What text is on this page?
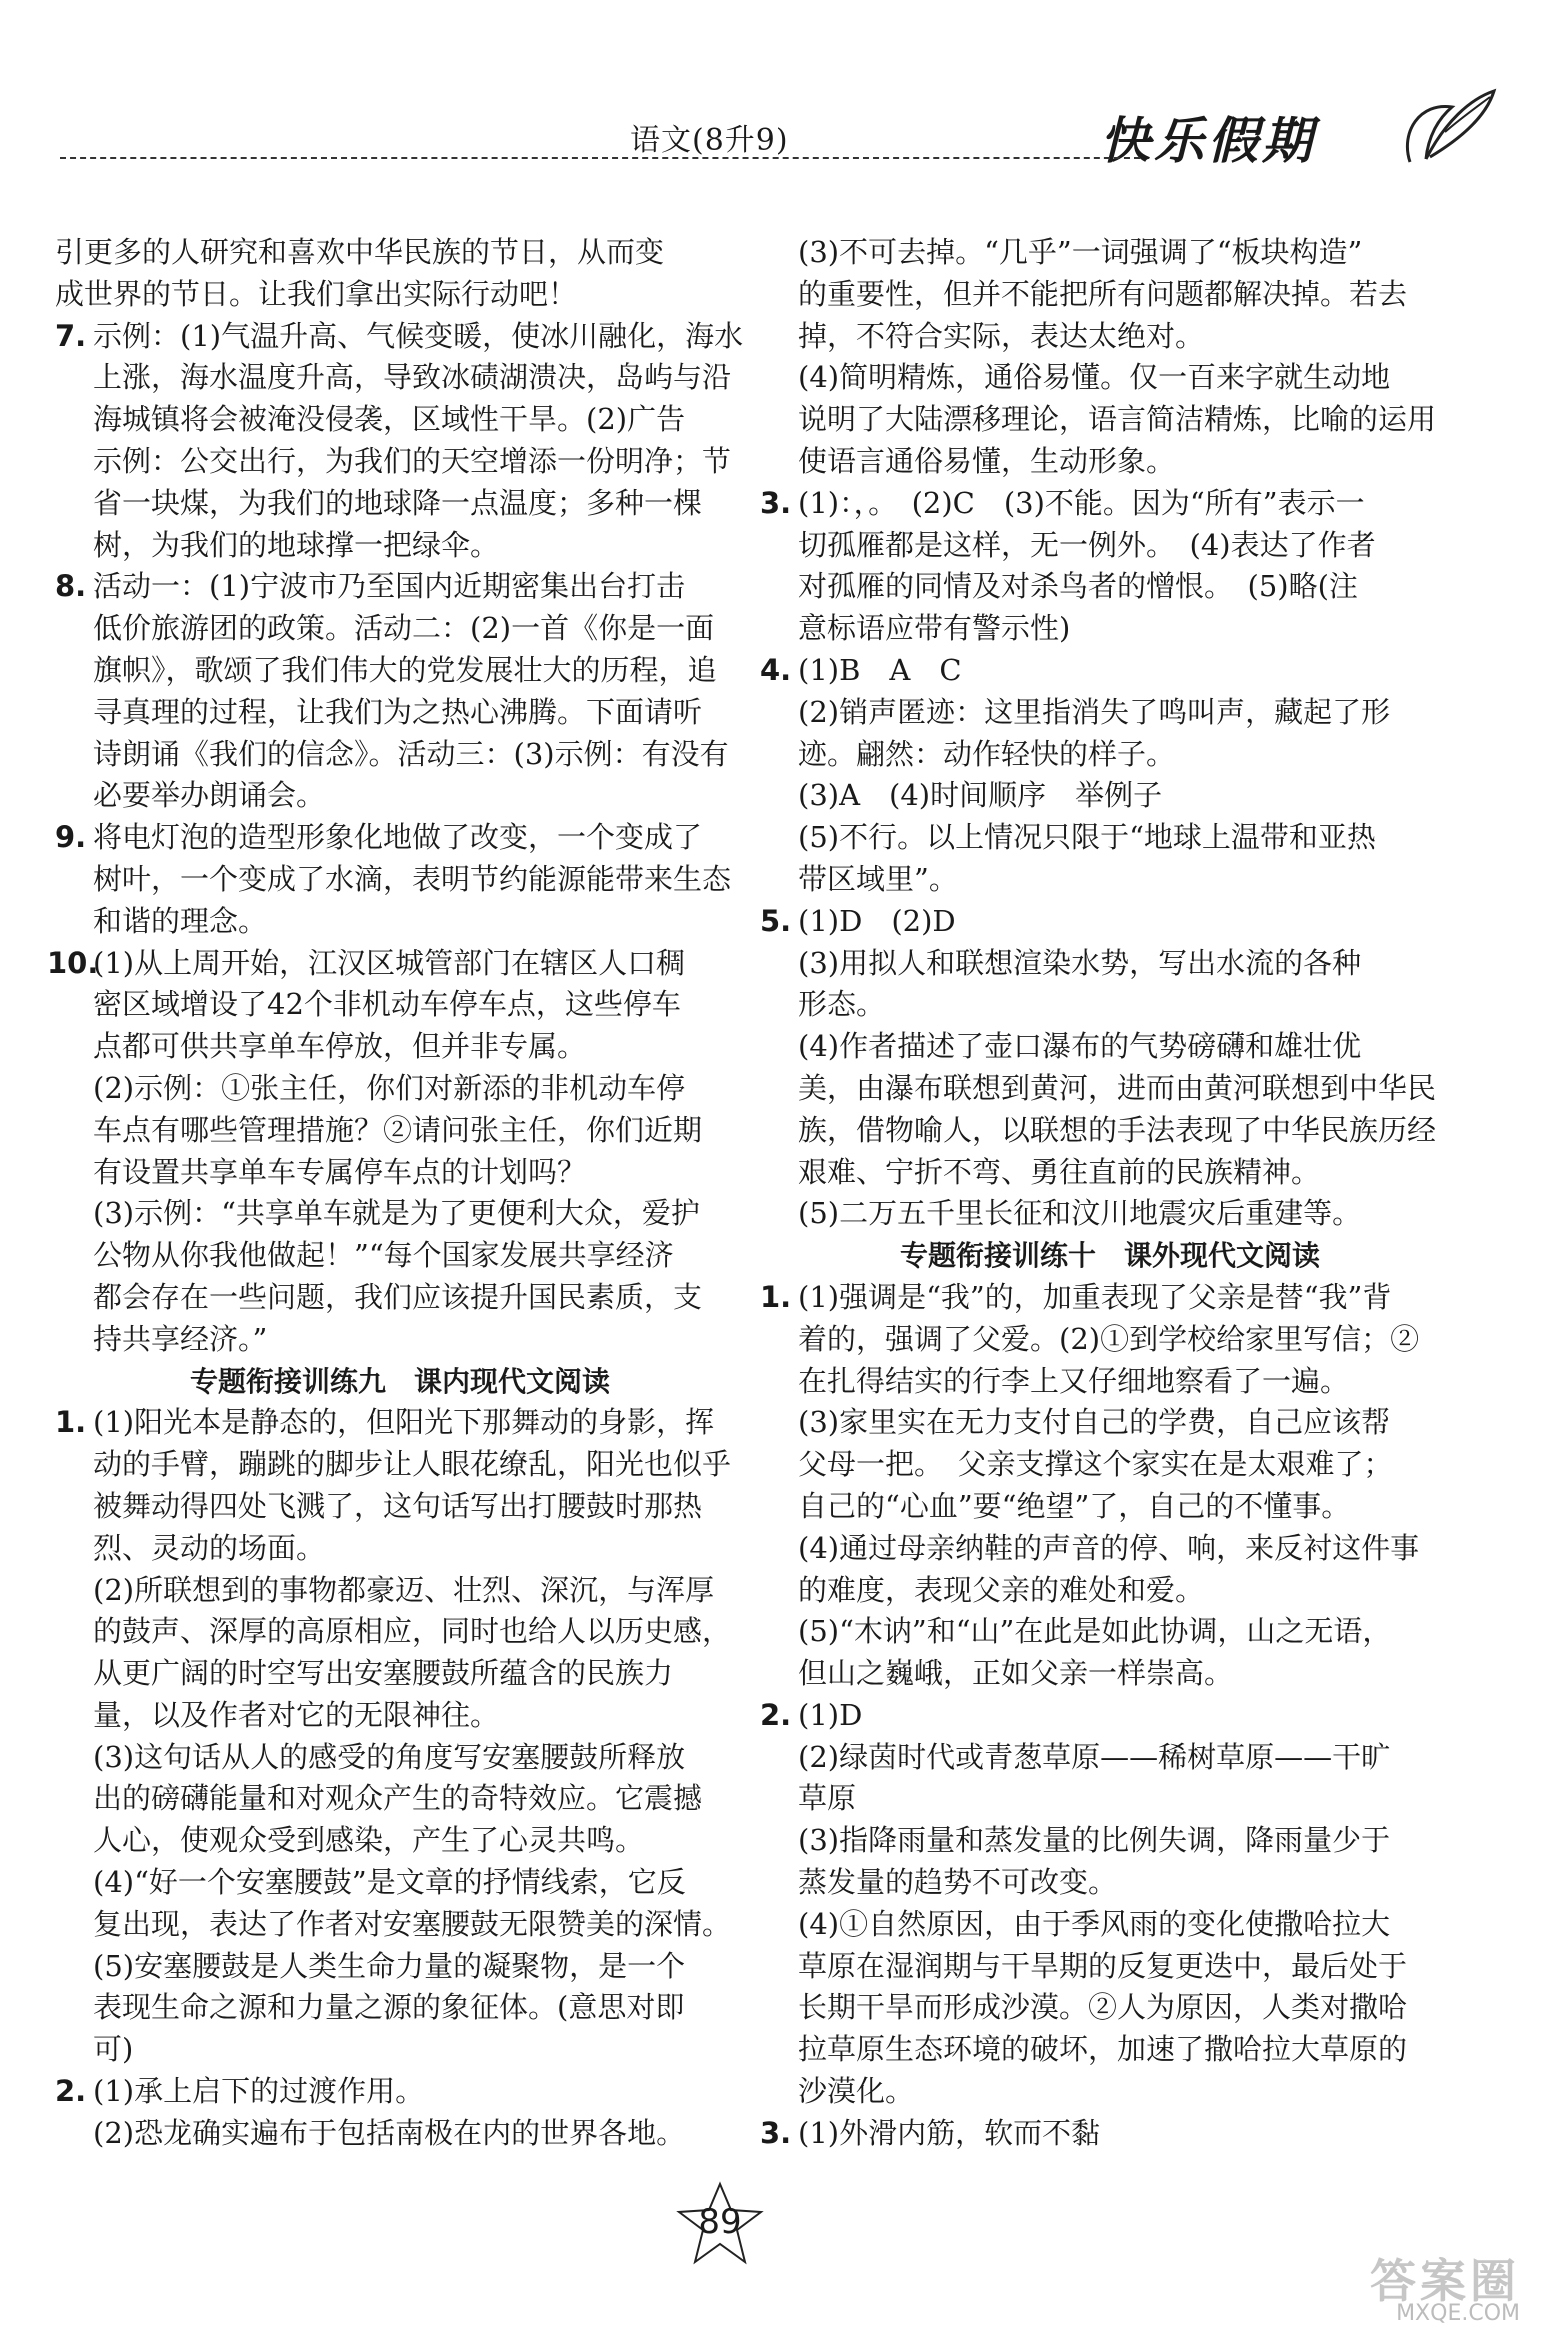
语文(8升9)	快乐假期
引更多的人研究和喜欢中华民族的节日，从而变
成世界的节日。让我们拿出实际行动吧！
7. 示例：(1)气温升高、气候变暖，使冰川融化，海水
上涨，海水温度升高，导致冰碛湖溃决，岛屿与沿
海城镇将会被淹没侵袭，区域性干旱。(2)广告
示例：公交出行，为我们的天空增添一份明净；节
省一块煤，为我们的地球降一点温度；多种一棵
树，为我们的地球撑一把绿伞。
8. 活动一：(1)宁波市乃至国内近期密集出台打击
低价旅游团的政策。活动二：(2)一首《你是一面
旗帜》，歌颂了我们伟大的党发展壮大的历程，追
寻真理的过程，让我们为之热心沸腾。下面请听
诗朗诵《我们的信念》。活动三：(3)示例：有没有
必要举办朗诵会。
9. 将电灯泡的造型形象化地做了改变，一个变成了
树叶，一个变成了水滴，表明节约能源能带来生态
和谐的理念。
10.
(1)从上周开始，江汉区城管部门在辖区人口稠
密区域增设了42个非机动车停车点，这些停车
点都可供共享单车停放，但并非专属。
(2)示例：①张主任，你们对新添的非机动车停
车点有哪些管理措施？②请问张主任，你们近期
有设置共享单车专属停车点的计划吗？
(3)示例：“共享单车就是为了更便利大众，爱护
公物从你我他做起！”“每个国家发展共享经济
都会存在一些问题，我们应该提升国民素质，支
持共享经济。”
专题衔接训练九　课内现代文阅读
1. (1)阳光本是静态的，但阳光下那舞动的身影，挥
动的手臂，蹦跳的脚步让人眼花缭乱，阳光也似乎
被舞动得四处飞溅了，这句话写出打腰鼓时那热
烈、灵动的场面。
(2)所联想到的事物都豪迈、壮烈、深沉，与浑厚
的鼓声、深厚的高原相应，同时也给人以历史感，
从更广阔的时空写出安塞腰鼓所蕴含的民族力
量，以及作者对它的无限神往。
(3)这句话从人的感受的角度写安塞腰鼓所释放
出的磅礴能量和对观众产生的奇特效应。它震撼
人心，使观众受到感染，产生了心灵共鸣。
(4)“好一个安塞腰鼓”是文章的抒情线索，它反
复出现，表达了作者对安塞腰鼓无限赞美的深情。
(5)安塞腰鼓是人类生命力量的凝聚物，是一个
表现生命之源和力量之源的象征体。(意思对即
可)
2. (1)承上启下的过渡作用。
(2)恐龙确实遍布于包括南极在内的世界各地。
(3)不可去掉。“几乎”一词强调了“板块构造”
的重要性，但并不能把所有问题都解决掉。若去
掉，不符合实际，表达太绝对。
(4)简明精炼，通俗易懂。仅一百来字就生动地
说明了大陆漂移理论，语言简洁精炼，比喻的运用
使语言通俗易懂，生动形象。
3. (1)：，。　(2)C　(3)不能。因为“所有”表示一
切孤雁都是这样，无一例外。　(4)表达了作者
对孤雁的同情及对杀鸟者的憎恨。　(5)略(注
意标语应带有警示性)
4. (1)B　A　C
(2)销声匿迹：这里指消失了鸣叫声，藏起了形
迹。翩然：动作轻快的样子。
(3)A　(4)时间顺序　举例子
(5)不行。以上情况只限于“地球上温带和亚热
带区域里”。
5. (1)D　(2)D
(3)用拟人和联想渲染水势，写出水流的各种
形态。
(4)作者描述了壶口瀑布的气势磅礴和雄壮优
美，由瀑布联想到黄河，进而由黄河联想到中华民
族，借物喻人，以联想的手法表现了中华民族历经
艰难、宁折不弯、勇往直前的民族精神。
(5)二万五千里长征和汶川地震灾后重建等。
专题衔接训练十　课外现代文阅读
1. (1)强调是“我”的，加重表现了父亲是替“我”背
着的，强调了父爱。(2)①到学校给家里写信；②
在扎得结实的行李上又仔细地察看了一遍。
(3)家里实在无力支付自己的学费，自己应该帮
父母一把。　父亲支撑这个家实在是太艰难了；
自己的“心血”要“绝望”了，自己的不懂事。
(4)通过母亲纳鞋的声音的停、响，来反衬这件事
的难度，表现父亲的难处和爱。
(5)“木讷”和“山”在此是如此协调，山之无语，
但山之巍峨，正如父亲一样崇高。
2. (1)D
(2)绿茵时代或青葱草原——稀树草原——干旷
草原
(3)指降雨量和蒸发量的比例失调，降雨量少于
蒸发量的趋势不可改变。
(4)①自然原因，由于季风雨的变化使撒哈拉大
草原在湿润期与干旱期的反复更迭中，最后处于
长期干旱而形成沙漠。②人为原因，人类对撒哈
拉草原生态环境的破坏，加速了撒哈拉大草原的
沙漠化。
3. (1)外滑内筋，软而不黏
89
答案圈
MXQE.COM
